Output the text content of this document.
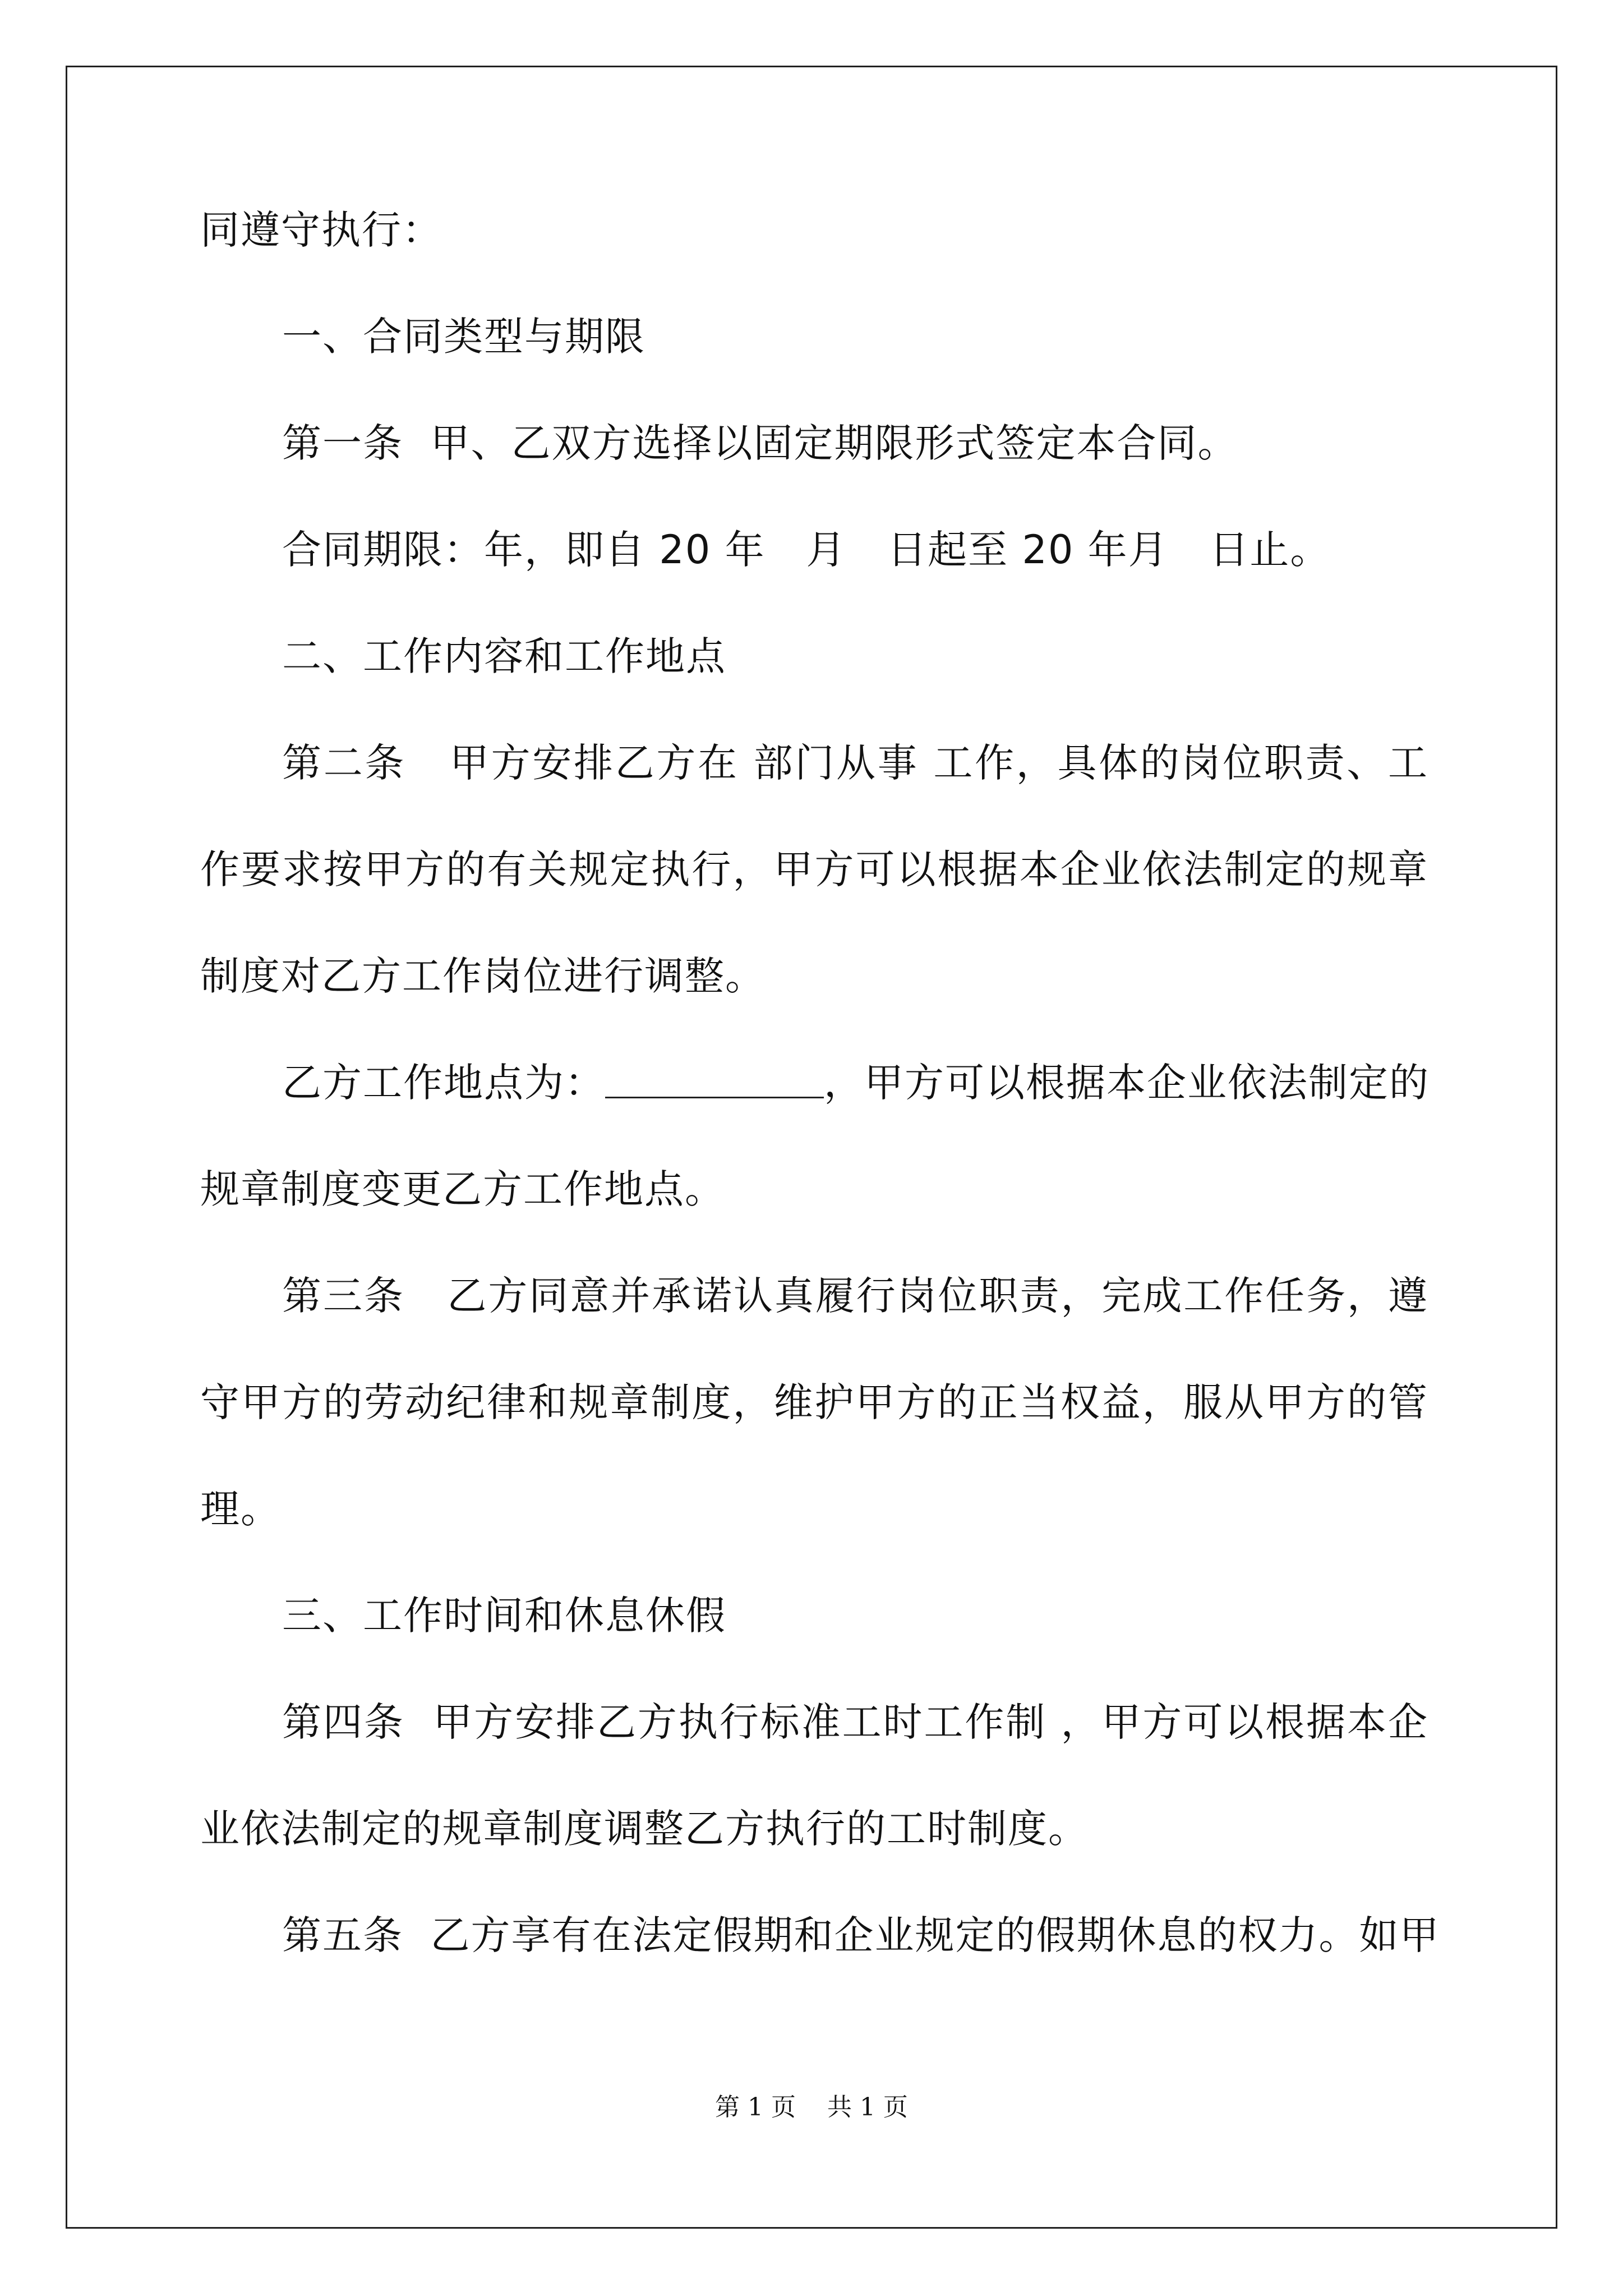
同遵守执行：
一、合同类型与期限
第一条  甲、乙双方选择以固定期限形式签定本合同。
合同期限：年，即自 20 年   月   日起至 20 年月   日止。
二、工作内容和工作地点
第二条   甲方安排乙方在 部门从事 工作，具体的岗位职责、工
作要求按甲方的有关规定执行，甲方可以根据本企业依法制定的规章
制度对乙方工作岗位进行调整。
乙方工作地点为：	，甲方可以根据本企业依法制定的
规章制度变更乙方工作地点。
第三条   乙方同意并承诺认真履行岗位职责，完成工作任务，遵
守甲方的劳动纪律和规章制度，维护甲方的正当权益，服从甲方的管
理。
三、工作时间和休息休假
第四条  甲方安排乙方执行标准工时工作制 ，甲方可以根据本企
业依法制定的规章制度调整乙方执行的工时制度。
第五条  乙方享有在法定假期和企业规定的假期休息的权力。如甲
第 1 页    共 1 页
